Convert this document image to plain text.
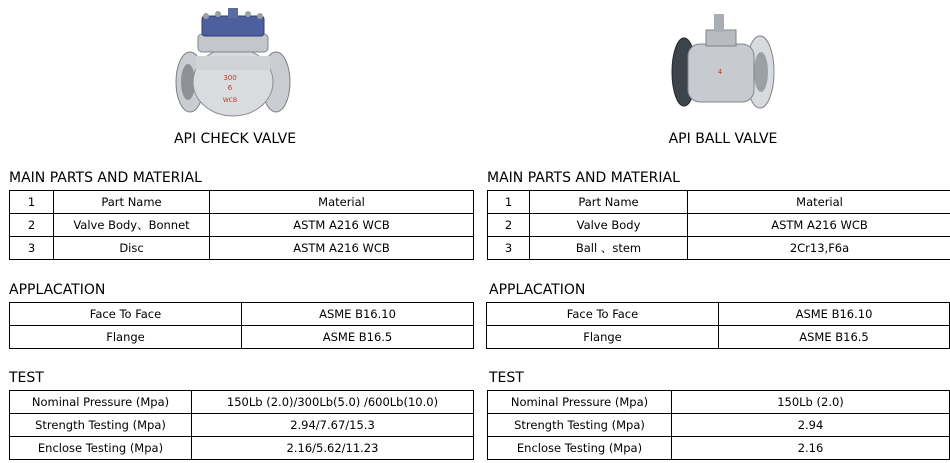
300
6
WCB
API CHECK VALVE
4
API BALL VALVE
MAIN PARTS AND MATERIAL
1	Part Name	Material
2	Valve Body、Bonnet	ASTM A216 WCB
3	Disc	ASTM A216 WCB
APPLACATION
Face To Face	ASME B16.10
Flange	ASME B16.5
TEST
Nominal Pressure (Mpa)	150Lb (2.0)/300Lb(5.0) /600Lb(10.0)
Strength Testing (Mpa)	2.94/7.67/15.3
Enclose Testing (Mpa)	2.16/5.62/11.23
MAIN PARTS AND MATERIAL
1	Part Name	Material
2	Valve Body	ASTM A216 WCB
3	Ball 、stem	2Cr13,F6a
APPLACATION
Face To Face	ASME B16.10
Flange	ASME B16.5
TEST
Nominal Pressure (Mpa)	150Lb (2.0)
Strength Testing (Mpa)	2.94
Enclose Testing (Mpa)	2.16
